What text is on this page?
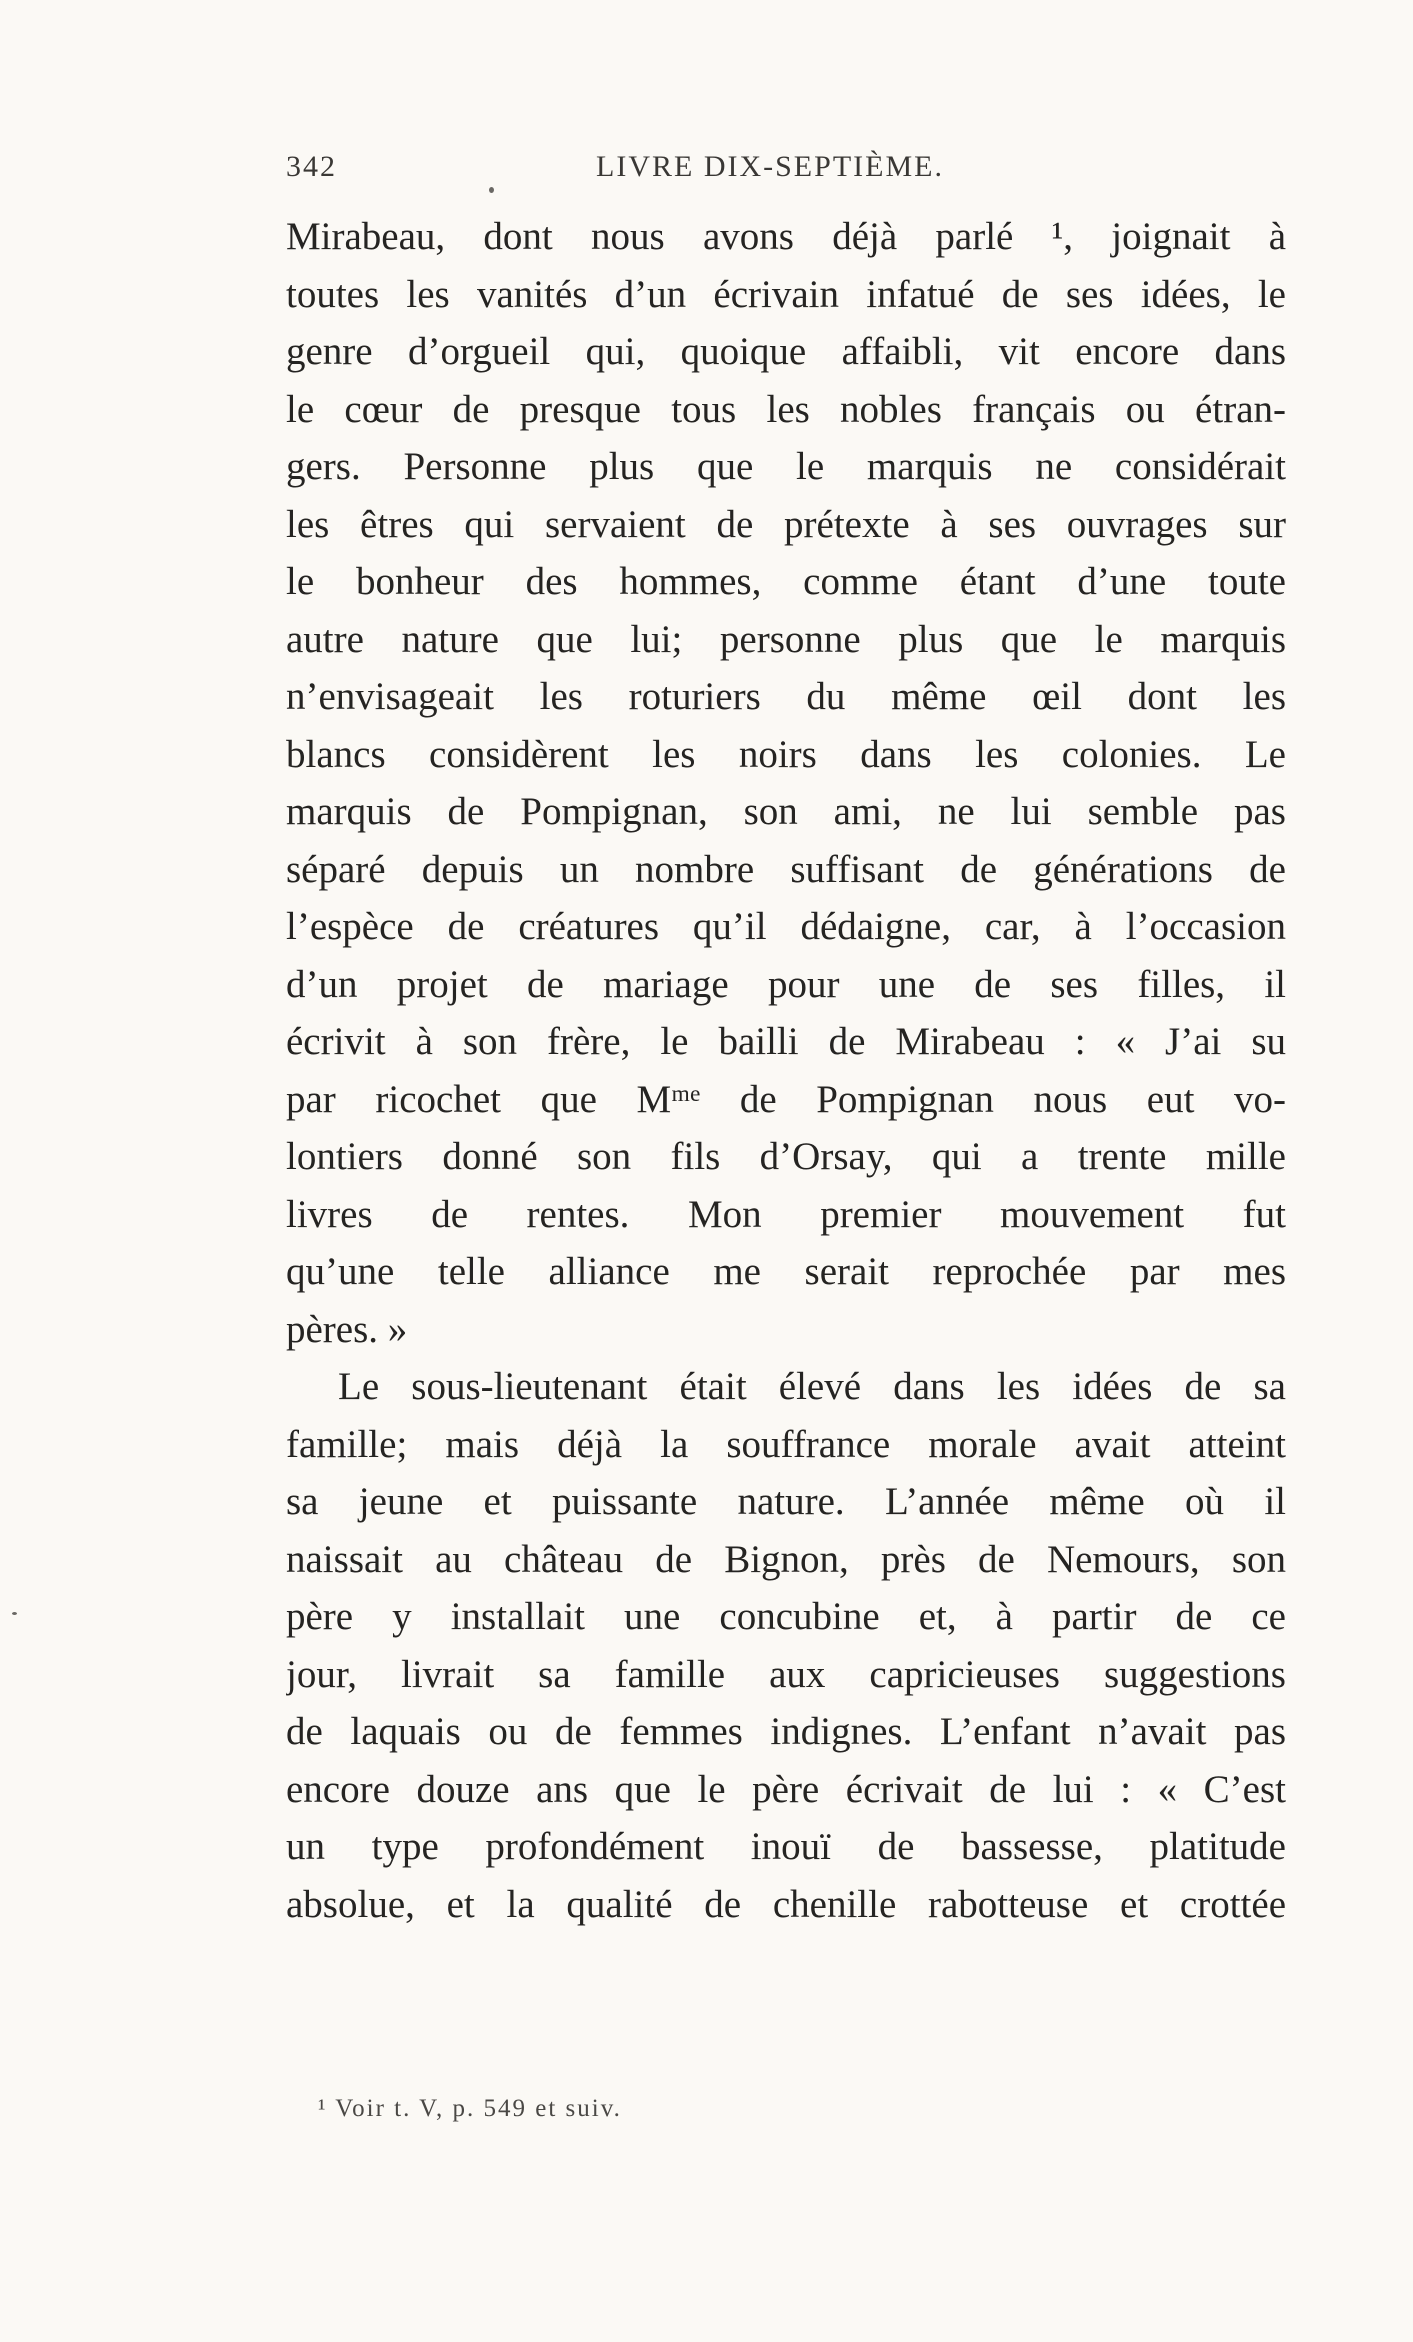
342	LIVRE DIX-SEPTIÈME.
Mirabeau, dont nous avons déjà parlé ¹, joignait à
toutes les vanités d’un écrivain infatué de ses idées, le
genre d’orgueil qui, quoique affaibli, vit encore dans
le cœur de presque tous les nobles français ou étran-
gers. Personne plus que le marquis ne considérait
les êtres qui servaient de prétexte à ses ouvrages sur
le bonheur des hommes, comme étant d’une toute
autre nature que lui; personne plus que le marquis
n’envisageait les roturiers du même œil dont les
blancs considèrent les noirs dans les colonies. Le
marquis de Pompignan, son ami, ne lui semble pas
séparé depuis un nombre suffisant de générations de
l’espèce de créatures qu’il dédaigne, car, à l’occasion
d’un projet de mariage pour une de ses filles, il
écrivit à son frère, le bailli de Mirabeau : « J’ai su
par ricochet que Mᵐᵉ de Pompignan nous eut vo-
lontiers donné son fils d’Orsay, qui a trente mille
livres de rentes. Mon premier mouvement fut
qu’une telle alliance me serait reprochée par mes
pères. »
Le sous-lieutenant était élevé dans les idées de sa
famille; mais déjà la souffrance morale avait atteint
sa jeune et puissante nature. L’année même où il
naissait au château de Bignon, près de Nemours, son
père y installait une concubine et, à partir de ce
jour, livrait sa famille aux capricieuses suggestions
de laquais ou de femmes indignes. L’enfant n’avait pas
encore douze ans que le père écrivait de lui : « C’est
un type profondément inouï de bassesse, platitude
absolue, et la qualité de chenille rabotteuse et crottée
¹ Voir t. V, p. 549 et suiv.
